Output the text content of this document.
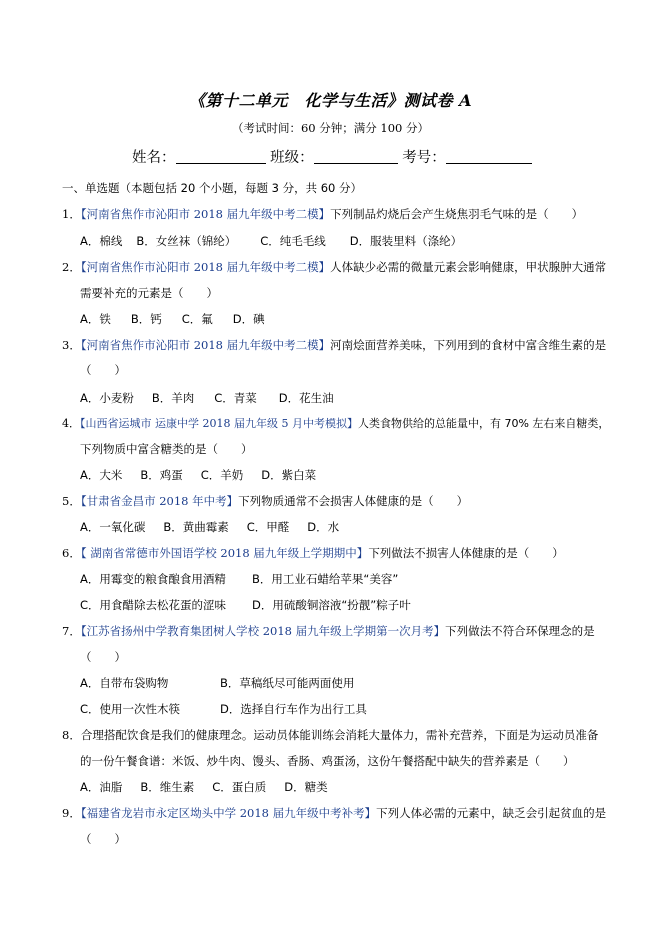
《第十二单元　化学与生活》测试卷 A
（考试时间：60 分钟；满分 100 分）
姓名：	班级：	考号：
一、单选题（本题包括 20 个小题，每题 3 分，共 60 分）
1．【河南省焦作市沁阳市 2018 届九年级中考二模】下列制品灼烧后会产生烧焦羽毛气味的是（　　）
A．棉线 B．女丝袜（锦纶） C．纯毛毛线 D．服装里料（涤纶）
2．【河南省焦作市沁阳市 2018 届九年级中考二模】人体缺少必需的微量元素会影响健康，甲状腺肿大通常
需要补充的元素是（　　）
A．铁 B．钙 C．氟 D．碘
3．【河南省焦作市沁阳市 2018 届九年级中考二模】河南烩面营养美味，下列用到的食材中富含维生素的是
（　　）
A．小麦粉 B．羊肉 C．青菜 D．花生油
4．【山西省运城市 运康中学 2018 届九年级 5 月中考模拟】人类食物供给的总能量中，有 70% 左右来自糖类，
下列物质中富含糖类的是（　　）
A．大米 B．鸡蛋 C．羊奶 D．紫白菜
5．【甘肃省金昌市 2018 年中考】下列物质通常不会损害人体健康的是（　　）
A．一氧化碳 B．黄曲霉素 C．甲醛 D．水
6．【 湖南省常德市外国语学校 2018 届九年级上学期期中】下列做法不损害人体健康的是（　　）
A．用霉变的粮食酿食用酒精 B．用工业石蜡给苹果“美容”
C．用食醋除去松花蛋的涩味 D．用硫酸铜溶液“扮靓”粽子叶
7．【江苏省扬州中学教育集团树人学校 2018 届九年级上学期第一次月考】下列做法不符合环保理念的是
（　　）
A．自带布袋购物	B．草稿纸尽可能两面使用
C．使用一次性木筷	D．选择自行车作为出行工具
8．合理搭配饮食是我们的健康理念。运动员体能训练会消耗大量体力，需补充营养，下面是为运动员准备
的一份午餐食谱：米饭、炒牛肉、馒头、香肠、鸡蛋汤，这份午餐搭配中缺失的营养素是（　　）
A．油脂 B．维生素 C．蛋白质 D．糖类
9．【福建省龙岩市永定区坳头中学 2018 届九年级中考补考】下列人体必需的元素中，缺乏会引起贫血的是
（　　）
